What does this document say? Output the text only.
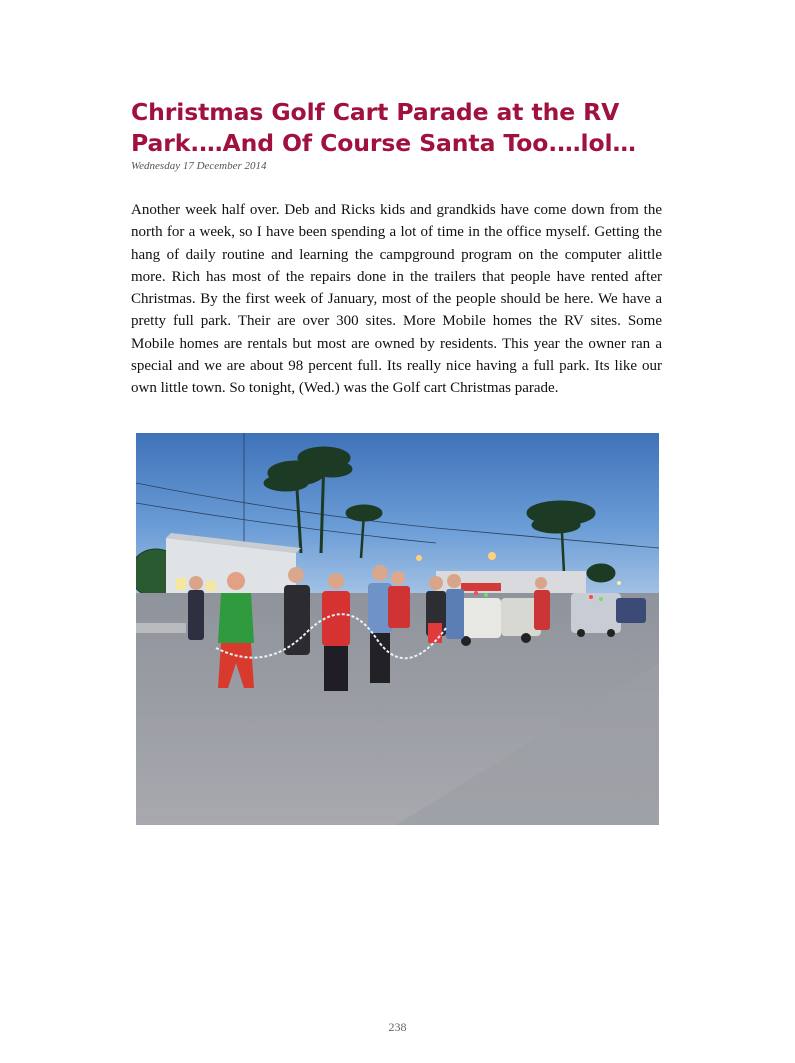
Christmas Golf Cart Parade at the RV Park.…And Of Course Santa Too.…lol…

Wednesday 17 December 2014

Another week half over. Deb and Ricks kids and grandkids have come down from the north for a week, so I have been spending a lot of time in the office myself. Getting the hang of daily routine and learning the campground program on the computer alittle more. Rich has most of the repairs done in the trailers that people have rented after Christmas. By the first week of January, most of the people should be here. We have a pretty full park. Their are over 300 sites. More Mobile homes the RV sites. Some Mobile homes are rentals but most are owned by residents. This year the owner ran a special and we are about 98 percent full. Its really nice having a full park. Its like our own little town. So tonight, (Wed.) was the Golf cart Christmas parade.

238
